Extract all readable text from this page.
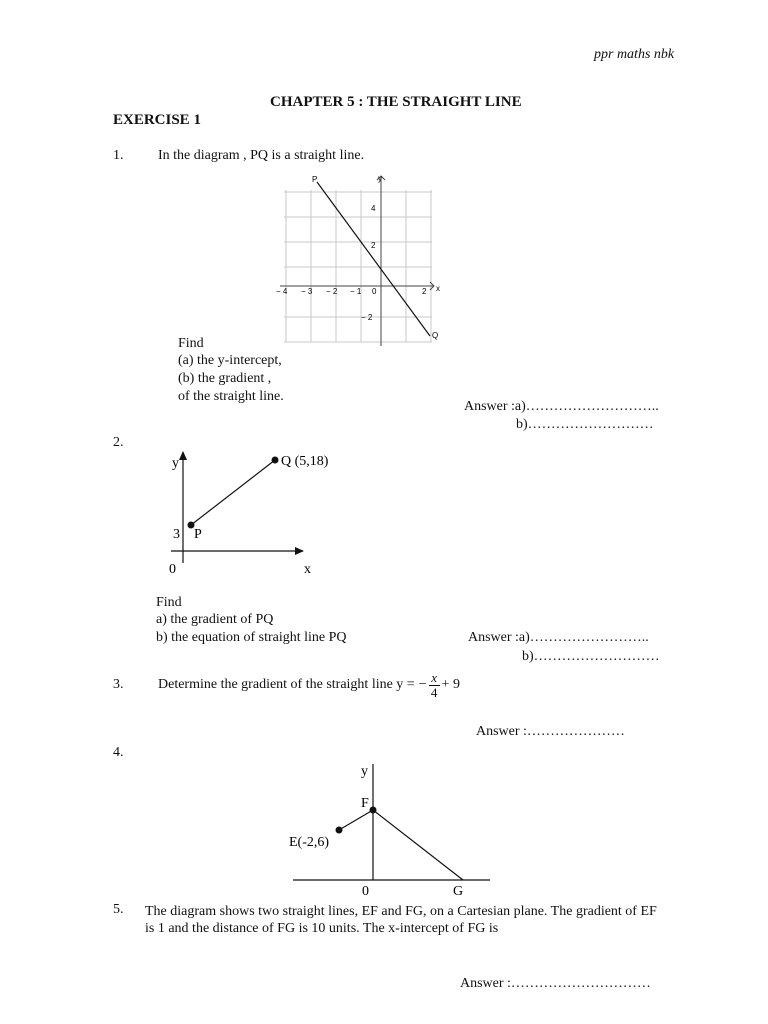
ppr maths nbk
CHAPTER 5 : THE STRAIGHT LINE
EXERCISE 1
1. In the diagram , PQ is a straight line.
P
Q
y
x
4
2
− 2
− 4 − 3 − 2 − 1 0	2
Find
(a) the y-intercept,
(b) the gradient ,
of the straight line.
Answer :a)………………………..
b)………………………
2.
y	Q (5,18)
3 P
0	x
Find
a) the gradient of PQ
b) the equation of straight line PQ	Answer :a)……………………..
b)………………………
3. Determine the gradient of the straight line y = − $\frac{x}{4} + 9$
Answer :…………………
4.
y
F
E(-2,6)
0	G
5. The diagram shows two straight lines, EF and FG, on a Cartesian plane. The gradient of EF
is 1 and the distance of FG is 10 units. The x-intercept of FG is
Answer :…………………………
